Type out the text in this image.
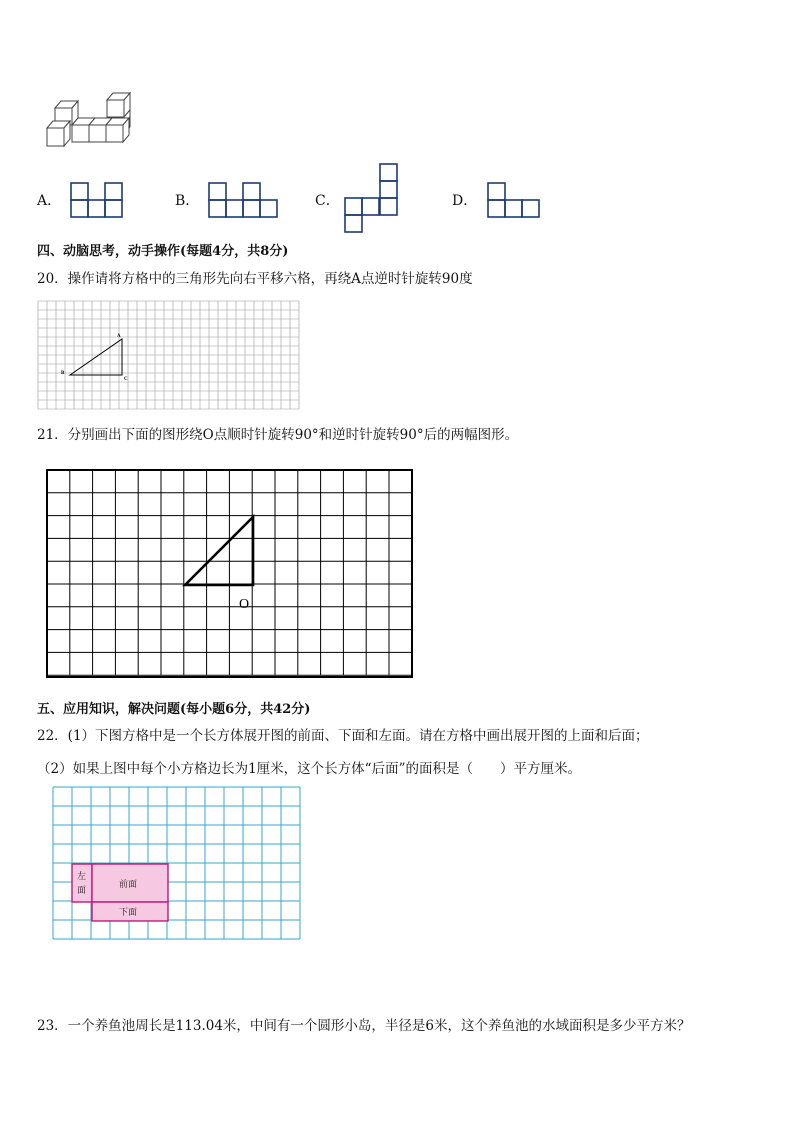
A．	B．	C．	D．
四、动脑思考，动手操作(每题4分，共8分)
20．操作请将方格中的三角形先向右平移六格，再绕A点逆时针旋转90度
A
B
C
21．分别画出下面的图形绕O点顺时针旋转90°和逆时针旋转90°后的两幅图形。
O
五、应用知识，解决问题(每小题6分，共42分)
22．(1）下图方格中是一个长方体展开图的前面、下面和左面。请在方格中画出展开图的上面和后面；
（2）如果上图中每个小方格边长为1厘米，这个长方体“后面”的面积是（　　）平方厘米。
左
面
前面
下面
23．一个养鱼池周长是113.04米，中间有一个圆形小岛，半径是6米，这个养鱼池的水域面积是多少平方米？
